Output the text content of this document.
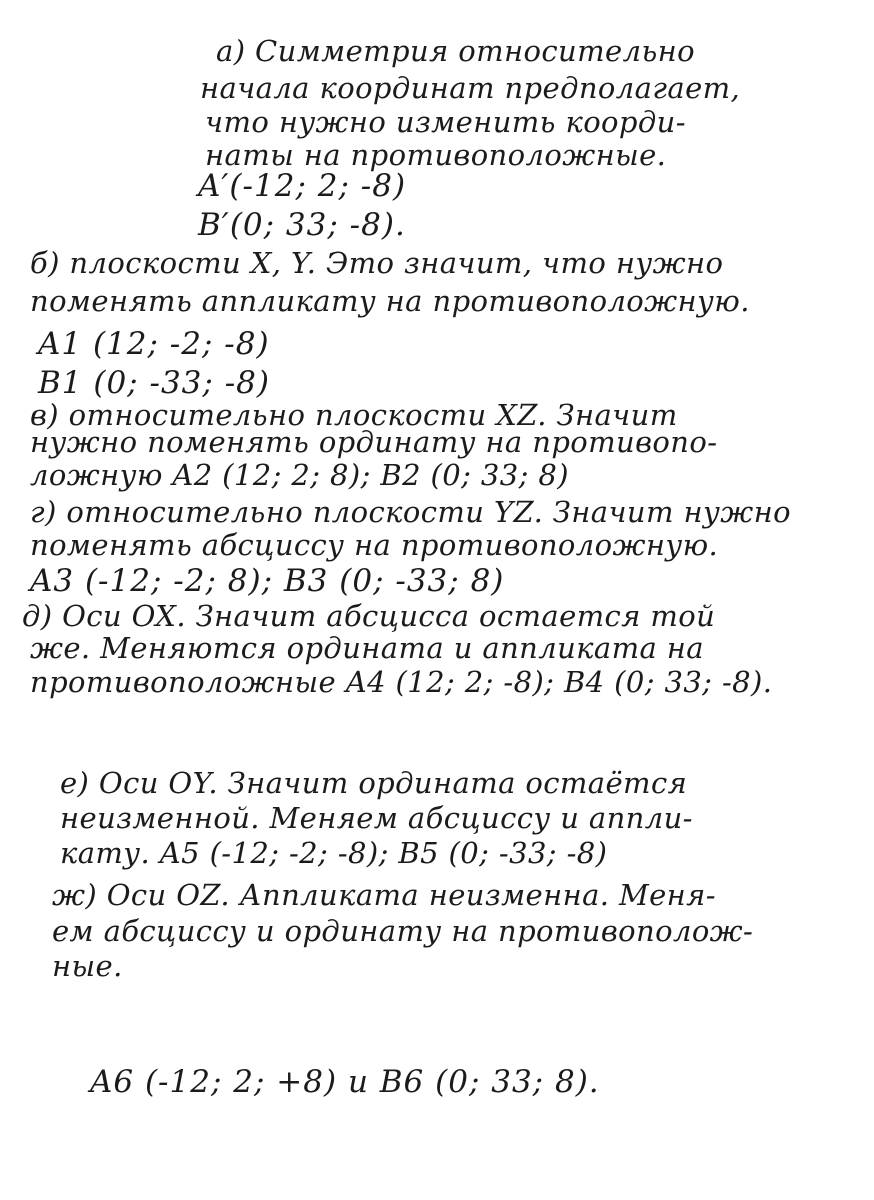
а) Симметрия относительно
начала координат предполагает,
что нужно изменить коорди-
наты на противоположные.
A′(-12; 2; -8)
B′(0; 33; -8).
б) плоскости X, Y. Это значит, что нужно
поменять аппликату на противоположную.
A1 (12; -2; -8)
B1 (0; -33; -8)
в) относительно плоскости XZ. Значит
нужно поменять ординату на противопо-
ложную A2 (12; 2; 8); B2 (0; 33; 8)
г) относительно плоскости YZ. Значит нужно
поменять абсциссу на противоположную.
A3 (-12; -2; 8); B3 (0; -33; 8)
д) Оси OX. Значит абсцисса остается той
же. Меняются ордината и аппликата на
противоположные A4 (12; 2; -8); B4 (0; 33; -8).
е) Оси OY. Значит ордината остаётся
неизменной. Меняем абсциссу и аппли-
кату. A5 (-12; -2; -8); B5 (0; -33; -8)
ж) Оси OZ. Аппликата неизменна. Меня-
ем абсциссу и ординату на противополож-
ные.
A6 (-12; 2; +8) и B6 (0; 33; 8).
